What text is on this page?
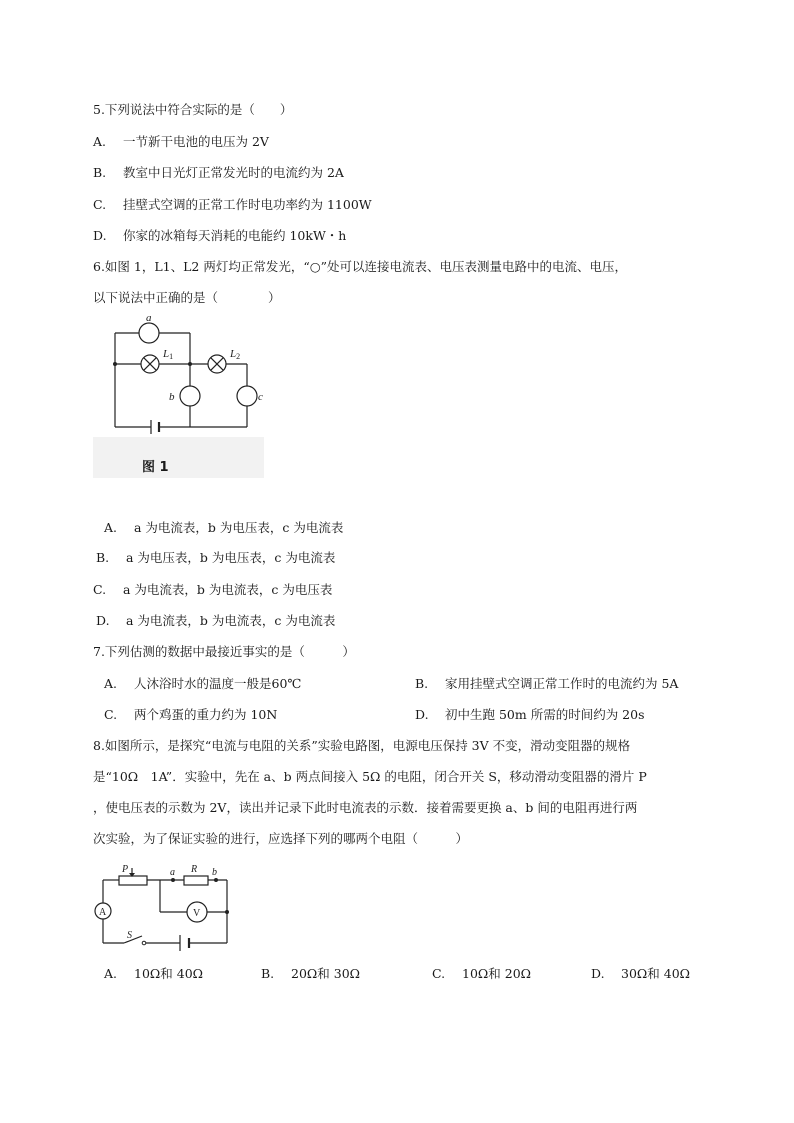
5.下列说法中符合实际的是（　　）
A. 一节新干电池的电压为 2V
B. 教室中日光灯正常发光时的电流约为 2A
C. 挂壁式空调的正常工作时电功率约为 1100W
D. 你家的冰箱每天消耗的电能约 10kW・h
6.如图 1，L1、L2 两灯均正常发光，“○”处可以连接电流表、电压表测量电路中的电流、电压，
以下说法中正确的是（　　　　）
a
L1	L2
b	c
图 1
A. a 为电流表，b 为电压表，c 为电流表
B. a 为电压表，b 为电压表，c 为电流表
C. a 为电流表，b 为电流表，c 为电压表
D. a 为电流表，b 为电流表，c 为电流表
7.下列估测的数据中最接近事实的是（　　　）
A. 人沐浴时水的温度一般是60℃	B. 家用挂壁式空调正常工作时的电流约为 5A
C. 两个鸡蛋的重力约为 10N	D. 初中生跑 50m 所需的时间约为 20s
8.如图所示，是探究“电流与电阻的关系”实验电路图，电源电压保持 3V 不变，滑动变阻器的规格
是“10Ω　1A”．实验中，先在 a、b 两点间接入 5Ω 的电阻，闭合开关 S，移动滑动变阻器的滑片 P
，使电压表的示数为 2V，读出并记录下此时电流表的示数．接着需要更换 a、b 间的电阻再进行两
次实验，为了保证实验的进行，应选择下列的哪两个电阻（　　　）
P	a R b
A	V
S
A. 10Ω和 40Ω	B. 20Ω和 30Ω	C. 10Ω和 20Ω	D. 30Ω和 40Ω
